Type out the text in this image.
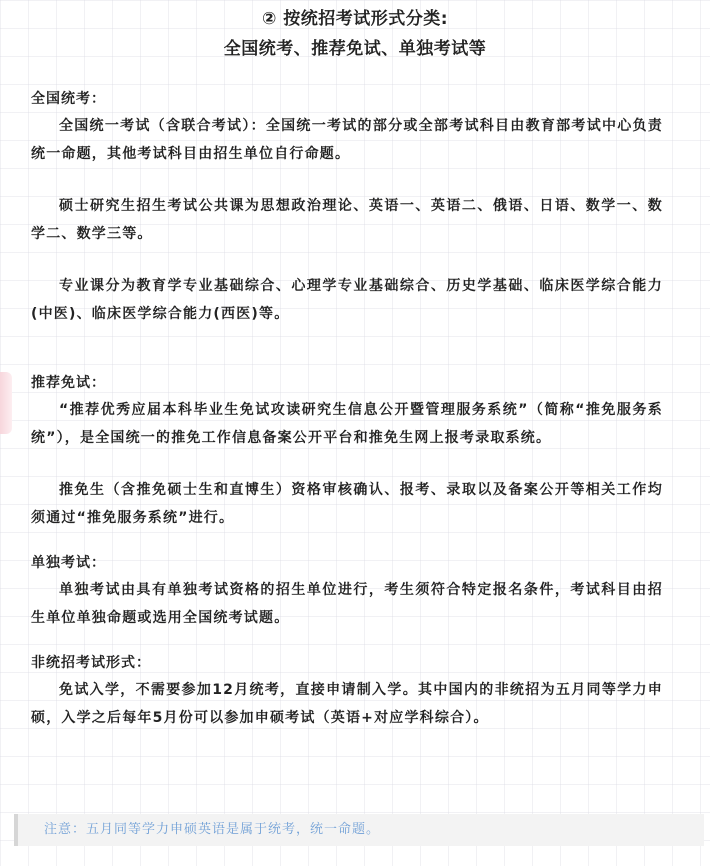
② 按统招考试形式分类:
全国统考、推荐免试、单独考试等
全国统考：

全国统一考试（含联合考试）：全国统一考试的部分或全部考试科目由教育部考试中心负责统一命题，其他考试科目由招生单位自行命题。

硕士研究生招生考试公共课为思想政治理论、英语一、英语二、俄语、日语、数学一、数学二、数学三等。

专业课分为教育学专业基础综合、心理学专业基础综合、历史学基础、临床医学综合能力(中医)、临床医学综合能力(西医)等。

推荐免试：

“推荐优秀应届本科毕业生免试攻读研究生信息公开暨管理服务系统”（简称“推免服务系统”），是全国统一的推免工作信息备案公开平台和推免生网上报考录取系统。

推免生（含推免硕士生和直博生）资格审核确认、报考、录取以及备案公开等相关工作均须通过“推免服务系统”进行。

单独考试：

单独考试由具有单独考试资格的招生单位进行，考生须符合特定报名条件，考试科目由招生单位单独命题或选用全国统考试题。

非统招考试形式：

免试入学，不需要参加12月统考，直接申请制入学。其中国内的非统招为五月同等学力申硕，入学之后每年5月份可以参加申硕考试（英语+对应学科综合）。

注意：五月同等学力申硕英语是属于统考，统一命题。
